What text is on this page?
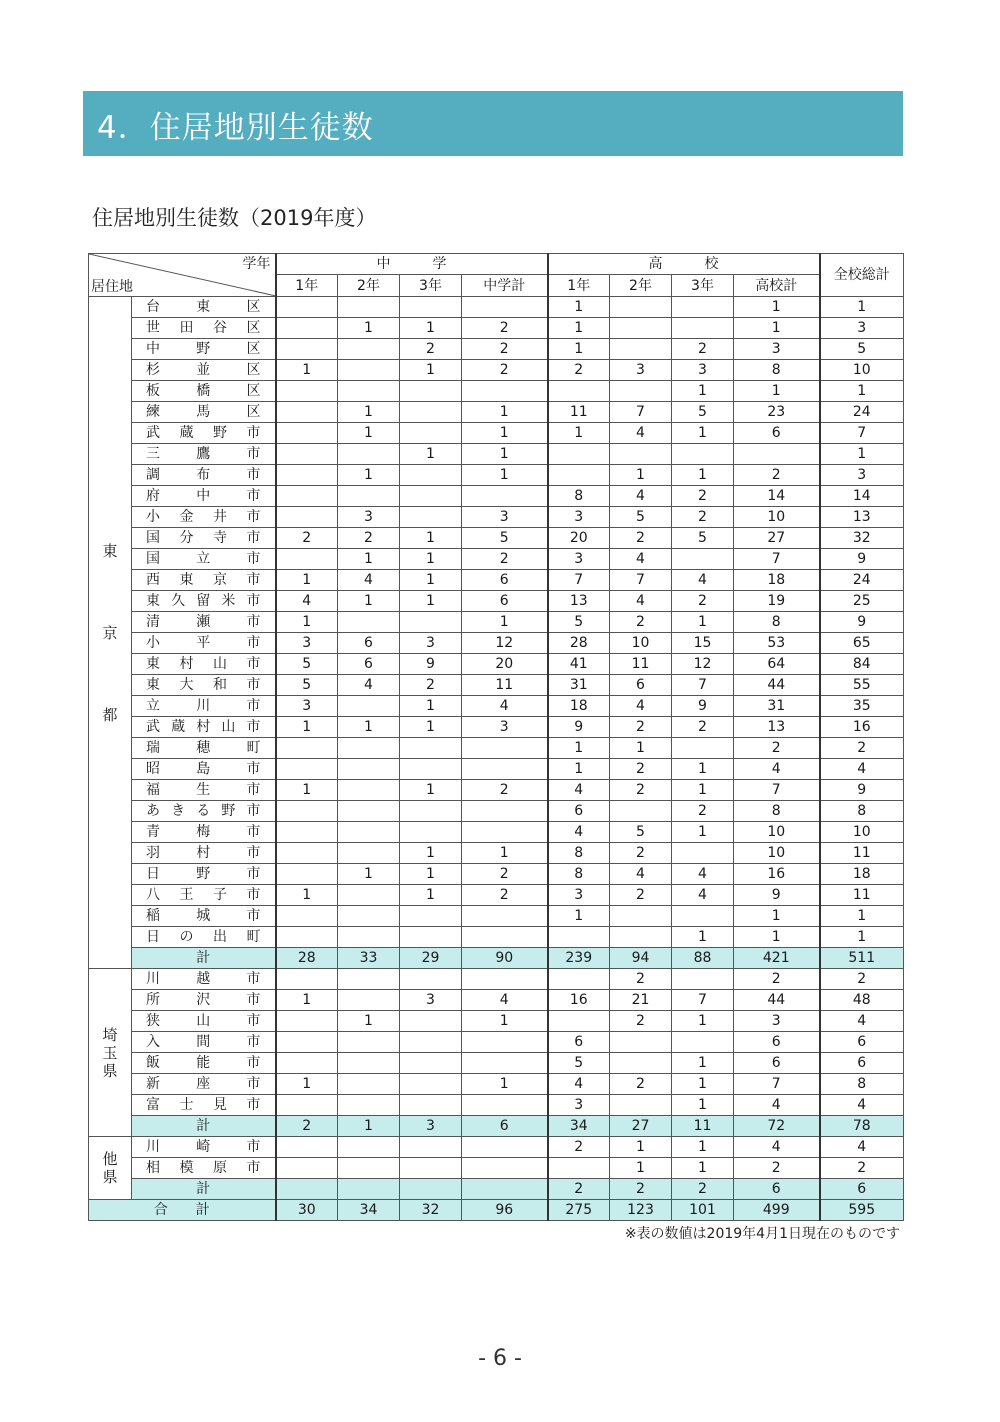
4．住居地別生徒数
住居地別生徒数（2019年度）
学年
居住地		中　　　学				高　　　校				全校総計
		1年	2年	3年	中学計	1年	2年	3年	高校計	

東
京
都	台東区					1			1	1
	世田谷区		1	1	2	1			1	3
	中野区			2	2	1		2	3	5
	杉並区	1		1	2	2	3	3	8	10
	板橋区							1	1	1
	練馬区		1		1	11	7	5	23	24
	武蔵野市		1		1	1	4	1	6	7
	三鷹市			1	1					1
	調布市		1		1		1	1	2	3
	府中市					8	4	2	14	14
	小金井市		3		3	3	5	2	10	13
	国分寺市	2	2	1	5	20	2	5	27	32
	国立市		1	1	2	3	4		7	9
	西東京市	1	4	1	6	7	7	4	18	24
	東久留米市	4	1	1	6	13	4	2	19	25
	清瀬市	1			1	5	2	1	8	9
	小平市	3	6	3	12	28	10	15	53	65
	東村山市	5	6	9	20	41	11	12	64	84
	東大和市	5	4	2	11	31	6	7	44	55
	立川市	3		1	4	18	4	9	31	35
	武蔵村山市	1	1	1	3	9	2	2	13	16
	瑞穂町					1	1		2	2
	昭島市					1	2	1	4	4
	福生市	1		1	2	4	2	1	7	9
	あきる野市					6		2	8	8
	青梅市					4	5	1	10	10
	羽村市			1	1	8	2		10	11
	日野市		1	1	2	8	4	4	16	18
	八王子市	1		1	2	3	2	4	9	11
	稲城市					1			1	1
	日の出町							1	1	1
	計	28	33	29	90	239	94	88	421	511

埼
玉
県	川越市						2		2	2
	所沢市	1		3	4	16	21	7	44	48
	狭山市		1		1		2	1	3	4
	入間市					6			6	6
	飯能市					5		1	6	6
	新座市	1			1	4	2	1	7	8
	富士見市					3		1	4	4
	計	2	1	3	6	34	27	11	72	78

他
県	川崎市					2	1	1	4	4
	相模原市						1	1	2	2
	計					2	2	2	6	6
合　　計		30	34	32	96	275	123	101	499	595
※表の数値は2019年4月1日現在のものです
- 6 -
